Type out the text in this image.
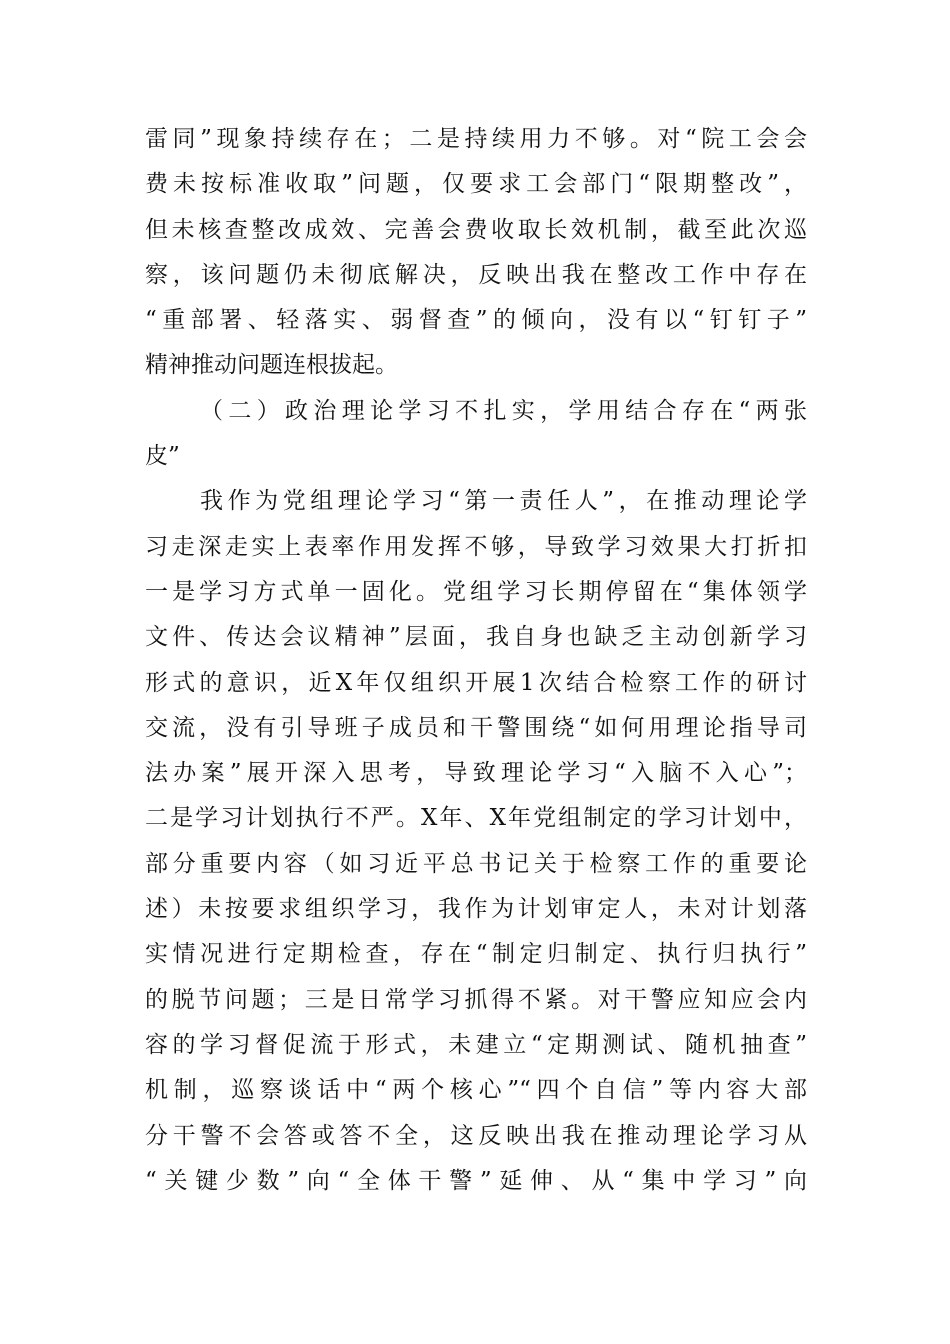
雷同”现象持续存在；二是持续用力不够。对“院工会会
费未按标准收取”问题，仅要求工会部门“限期整改”，
但未核查整改成效、完善会费收取长效机制，截至此次巡
察，该问题仍未彻底解决，反映出我在整改工作中存在
“重部署、轻落实、弱督查”的倾向，没有以“钉钉子”
精神推动问题连根拔起。
（二）政治理论学习不扎实，学用结合存在“两张
皮”
我作为党组理论学习“第一责任人”，在推动理论学
习走深走实上表率作用发挥不够，导致学习效果大打折扣
一是学习方式单一固化。党组学习长期停留在“集体领学
文件、传达会议精神”层面，我自身也缺乏主动创新学习
形式的意识，近X年仅组织开展1次结合检察工作的研讨
交流，没有引导班子成员和干警围绕“如何用理论指导司
法办案”展开深入思考，导致理论学习“入脑不入心”；
二是学习计划执行不严。X年、X年党组制定的学习计划中，
部分重要内容（如习近平总书记关于检察工作的重要论
述）未按要求组织学习，我作为计划审定人，未对计划落
实情况进行定期检查，存在“制定归制定、执行归执行”
的脱节问题；三是日常学习抓得不紧。对干警应知应会内
容的学习督促流于形式，未建立“定期测试、随机抽查”
机制，巡察谈话中“两个核心”“四个自信”等内容大部
分干警不会答或答不全，这反映出我在推动理论学习从
“关键少数”向“全体干警”延伸、从“集中学习”向
